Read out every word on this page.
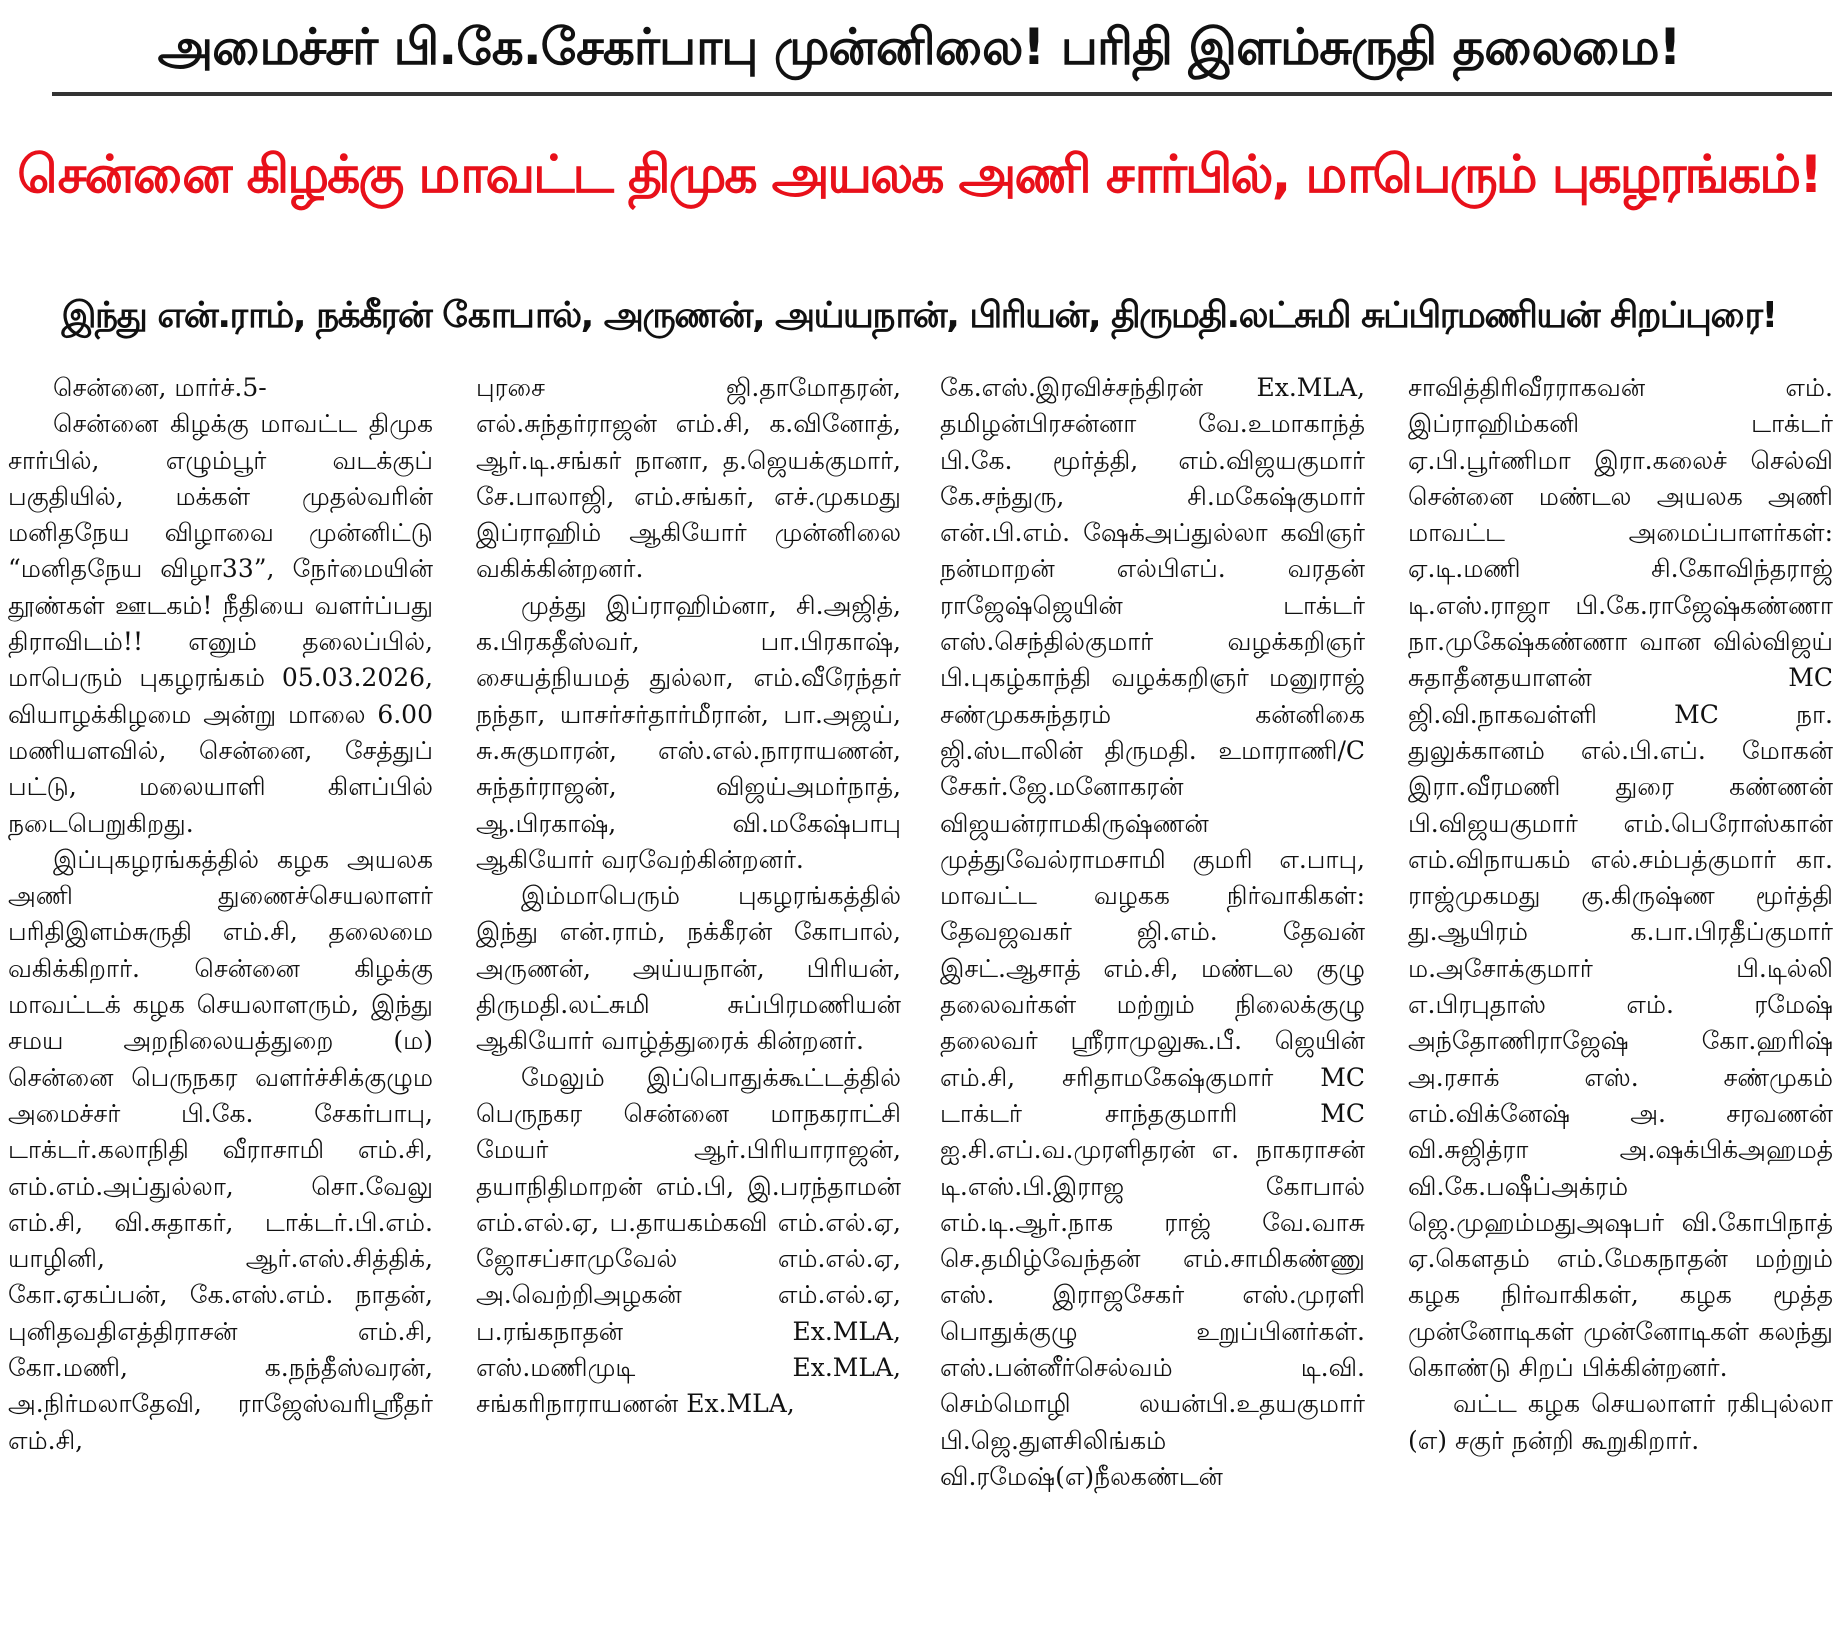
அமைச்சர் பி.கே.சேகர்பாபு முன்னிலை! பரிதி இளம்சுருதி தலைமை!
சென்னை கிழக்கு மாவட்ட திமுக அயலக அணி சார்பில், மாபெரும் புகழரங்கம்!
இந்து என்.ராம், நக்கீரன் கோபால், அருணன், அய்யநான், பிரியன், திருமதி.லட்சுமி சுப்பிரமணியன் சிறப்புரை!

சென்னை, மார்ச்.5-

சென்னை கிழக்கு மாவட்ட திமுக சார்பில், எழும்பூர் வடக்குப் பகுதியில், மக்கள் முதல்வரின் மனிதநேய விழாவை முன்னிட்டு “மனிதநேய விழா33”, நேர்மையின் தூண்கள் ஊடகம்! நீதியை வளர்ப்பது திராவிடம்!! எனும் தலைப்பில், மாபெரும் புகழரங்கம் 05.03.2026, வியாழக்கிழமை அன்று மாலை 6.00 மணியளவில், சென்னை, சேத்துப் பட்டு, மலையாளி கிளப்பில் நடைபெறுகிறது.

இப்புகழரங்கத்தில் கழக அயலக அணி துணைச்செயலாளர் பரிதிஇளம்சுருதி எம்.சி, தலைமை வகிக்கிறார். சென்னை கிழக்கு மாவட்டக் கழக செயலாளரும், இந்து சமய அறநிலையத்துறை (ம) சென்னை பெருநகர வளர்ச்சிக்குழும அமைச்சர் பி.கே. சேகர்பாபு, டாக்டர்.கலாநிதி வீராசாமி எம்.சி, எம்.எம்.அப்துல்லா, சொ.வேலு எம்.சி, வி.சுதாகர், டாக்டர்.பி.எம். யாழினி, ஆர்.எஸ்.சித்திக், கோ.ஏகப்பன், கே.எஸ்.எம். நாதன், புனிதவதிஎத்திராசன் எம்.சி, கோ.மணி, க.நந்தீஸ்வரன், அ.நிர்மலாதேவி, ராஜேஸ்வரிஸ்ரீதர் எம்.சி,

புரசை ஜி.தாமோதரன், எல்.சுந்தர்ராஜன் எம்.சி, க.வினோத், ஆர்.டி.சங்கர் நானா, த.ஜெயக்குமார், சே.பாலாஜி, எம்.சங்கர், எச்.முகமது இப்ராஹிம் ஆகியோர் முன்னிலை வகிக்கின்றனர்.

முத்து இப்ராஹிம்னா, சி.அஜித், க.பிரகதீஸ்வர், பா.பிரகாஷ், சையத்நியமத் துல்லா, எம்.வீரேந்தர் நந்தா, யாசர்சர்தார்மீரான், பா.அஜய், சு.சுகுமாரன், எஸ்.எல்.நாராயணன், சுந்தர்ராஜன், விஜய்அமர்நாத், ஆ.பிரகாஷ், வி.மகேஷ்பாபு ஆகியோர் வரவேற்கின்றனர்.

இம்மாபெரும் புகழரங்கத்தில் இந்து என்.ராம், நக்கீரன் கோபால், அருணன், அய்யநான், பிரியன், திருமதி.லட்சுமி சுப்பிரமணியன் ஆகியோர் வாழ்த்துரைக் கின்றனர்.

மேலும் இப்பொதுக்கூட்டத்தில் பெருநகர சென்னை மாநகராட்சி மேயர் ஆர்.பிரியாராஜன், தயாநிதிமாறன் எம்.பி, இ.பரந்தாமன் எம்.எல்.ஏ, ப.தாயகம்கவி எம்.எல்.ஏ, ஜோசப்சாமுவேல் எம்.எல்.ஏ, அ.வெற்றிஅழகன் எம்.எல்.ஏ, ப.ரங்கநாதன் Ex.MLA, எஸ்.மணிமுடி Ex.MLA, சங்கரிநாராயணன் Ex.MLA,

கே.எஸ்.இரவிச்சந்திரன் Ex.MLA, தமிழன்பிரசன்னா வே.உமாகாந்த் பி.கே. மூர்த்தி, எம்.விஜயகுமார் கே.சந்துரு, சி.மகேஷ்குமார் என்.பி.எம். ஷேக்அப்துல்லா கவிஞர் நன்மாறன் எல்பிஎப். வரதன் ராஜேஷ்ஜெயின் டாக்டர் எஸ்.செந்தில்குமார் வழக்கறிஞர் பி.புகழ்காந்தி வழக்கறிஞர் மனுராஜ் சண்முகசுந்தரம் கன்னிகை ஜி.ஸ்டாலின் திருமதி. உமாராணி/C சேகர்.ஜே.மனோகரன் விஜயன்ராமகிருஷ்ணன் முத்துவேல்ராமசாமி குமரி எ.பாபு, மாவட்ட வழகக நிர்வாகிகள்: தேவஜவகர் ஜி.எம். தேவன் இசட்.ஆசாத் எம்.சி, மண்டல குழு தலைவர்கள் மற்றும் நிலைக்குழு தலைவர் ஸ்ரீராமுலுகூ.பீ. ஜெயின் எம்.சி, சரிதாமகேஷ்குமார் MC டாக்டர் சாந்தகுமாரி MC ஐ.சி.எப்.வ.முரளிதரன் எ. நாகராசன் டி.எஸ்.பி.இராஜ கோபால் எம்.டி.ஆர்.நாக ராஜ் வே.வாசு செ.தமிழ்வேந்தன் எம்.சாமிகண்ணு எஸ். இராஜசேகர் எஸ்.முரளி பொதுக்குழு உறுப்பினர்கள். எஸ்.பன்னீர்செல்வம் டி.வி. செம்மொழி லயன்பி.உதயகுமார் பி.ஜெ.துளசிலிங்கம் வி.ரமேஷ்(எ)நீலகண்டன்

சாவித்திரிவீரராகவன் எம். இப்ராஹிம்கனி டாக்டர் ஏ.பி.பூர்ணிமா இரா.கலைச் செல்வி சென்னை மண்டல அயலக அணி மாவட்ட அமைப்பாளர்கள்: ஏ.டி.மணி சி.கோவிந்தராஜ் டி.எஸ்.ராஜா பி.கே.ராஜேஷ்கண்ணா நா.முகேஷ்கண்ணா வான வில்விஜய் சுதாதீனதயாளன் MC ஜி.வி.நாகவள்ளி MC நா. துலுக்கானம் எல்.பி.எப். மோகன் இரா.வீரமணி துரை கண்ணன் பி.விஜயகுமார் எம்.பெரோஸ்கான் எம்.விநாயகம் எல்.சம்பத்குமார் கா. ராஜ்முகமது கு.கிருஷ்ண மூர்த்தி து.ஆயிரம் க.பா.பிரதீப்குமார் ம.அசோக்குமார் பி.டில்லி எ.பிரபுதாஸ் எம். ரமேஷ் அந்தோணிராஜேஷ் கோ.ஹரிஷ் அ.ரசாக் எஸ். சண்முகம் எம்.விக்னேஷ் அ. சரவணன் வி.சுஜித்ரா அ.ஷக்பிக்அஹமத் வி.கே.பஷீப்அக்ரம் ஜெ.முஹம்மதுஅஷபர் வி.கோபிநாத் ஏ.கௌதம் எம்.மேகநாதன் மற்றும் கழக நிர்வாகிகள், கழக மூத்த முன்னோடிகள் முன்னோடிகள் கலந்து கொண்டு சிறப் பிக்கின்றனர்.

வட்ட கழக செயலாளர் ரகிபுல்லா (எ) சகுர் நன்றி கூறுகிறார்.
